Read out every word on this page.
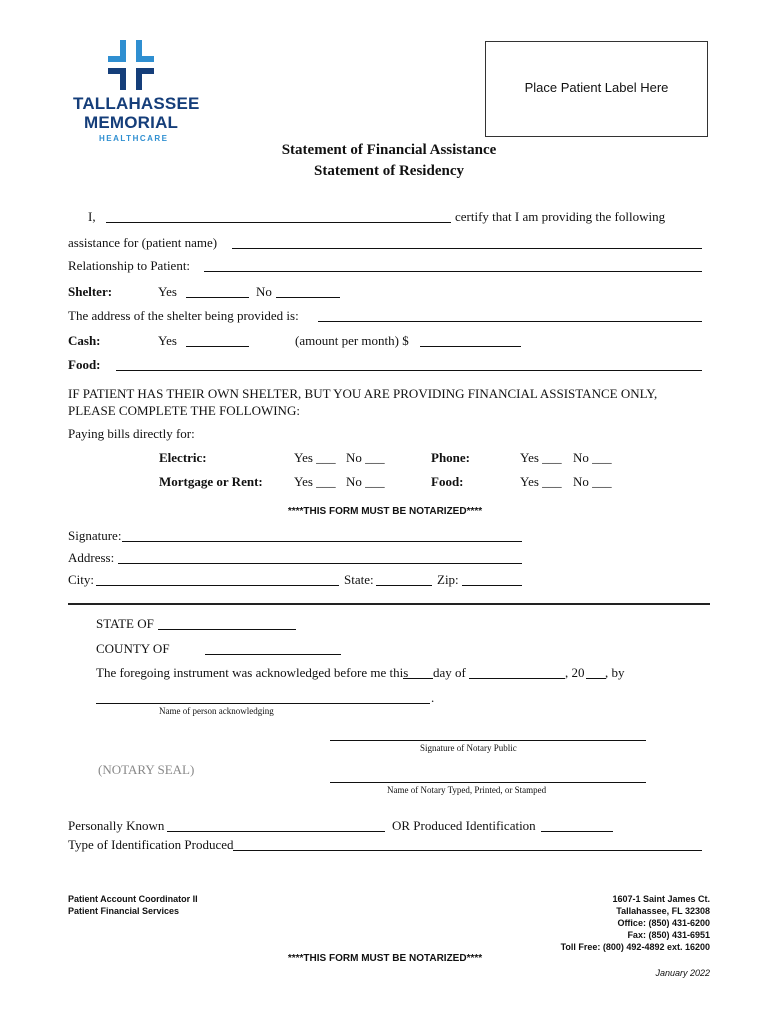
TALLAHASSEE
MEMORIAL
HEALTHCARE
Place Patient Label Here
Statement of Financial Assistance
Statement of Residency
I,	certify that I am providing the following
assistance for (patient name)
Relationship to Patient:
Shelter:	Yes	No
The address of the shelter being provided is:
Cash:	Yes	(amount per month) $
Food:
IF PATIENT HAS THEIR OWN SHELTER, BUT YOU ARE PROVIDING FINANCIAL ASSISTANCE ONLY,
PLEASE COMPLETE THE FOLLOWING:
Paying bills directly for:
Electric:	Yes ___ No ___	Phone:	Yes ___ No ___
Mortgage or Rent: Yes ___ No ___	Food:	Yes ___ No ___
****THIS FORM MUST BE NOTARIZED****
Signature:
Address:
City:	State:	Zip:
STATE OF
COUNTY OF
The foregoing instrument was acknowledged before me this day of	, 20 , by
.
Name of person acknowledging
Signature of Notary Public
(NOTARY SEAL)
Name of Notary Typed, Printed, or Stamped
Personally Known	OR Produced Identification
Type of Identification Produced
Patient Account Coordinator II
Patient Financial Services
1607-1 Saint James Ct.
Tallahassee, FL 32308
Office: (850) 431-6200
Fax: (850) 431-6951
Toll Free: (800) 492-4892 ext. 16200
****THIS FORM MUST BE NOTARIZED****
January 2022
